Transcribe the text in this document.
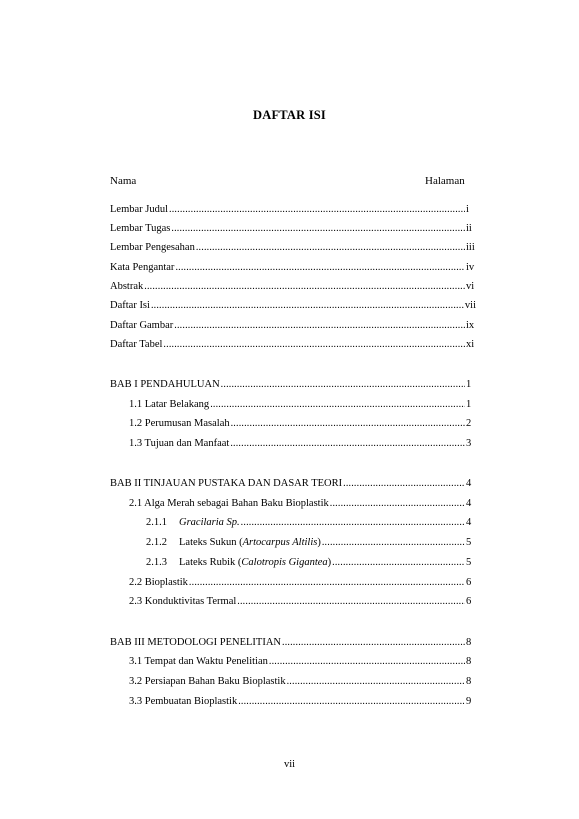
DAFTAR ISI
Nama	Halaman
Lembar Judul .....	i
Lembar Tugas .....	ii
Lembar Pengesahan .....	iii
Kata Pengantar .....	iv
Abstrak .....	vi
Daftar Isi .....	vii
Daftar Gambar .....	ix
Daftar Tabel .....	xi
BAB I PENDAHULUAN .....	1
1.1 Latar Belakang .....	1
1.2 Perumusan Masalah .....	2
1.3 Tujuan dan Manfaat .....	3
BAB II TINJAUAN PUSTAKA DAN DASAR TEORI .....	4
2.1 Alga Merah sebagai Bahan Baku Bioplastik .....	4
2.1.1 Gracilaria Sp. .....	4
2.1.2 Lateks Sukun (Artocarpus Altilis) .....	5
2.1.3 Lateks Rubik (Calotropis Gigantea) .....	5
2.2 Bioplastik .....	6
2.3 Konduktivitas Termal .....	6
BAB III METODOLOGI PENELITIAN .....	8
3.1 Tempat dan Waktu Penelitian .....	8
3.2 Persiapan Bahan Baku Bioplastik .....	8
3.3 Pembuatan Bioplastik .....	9
vii
